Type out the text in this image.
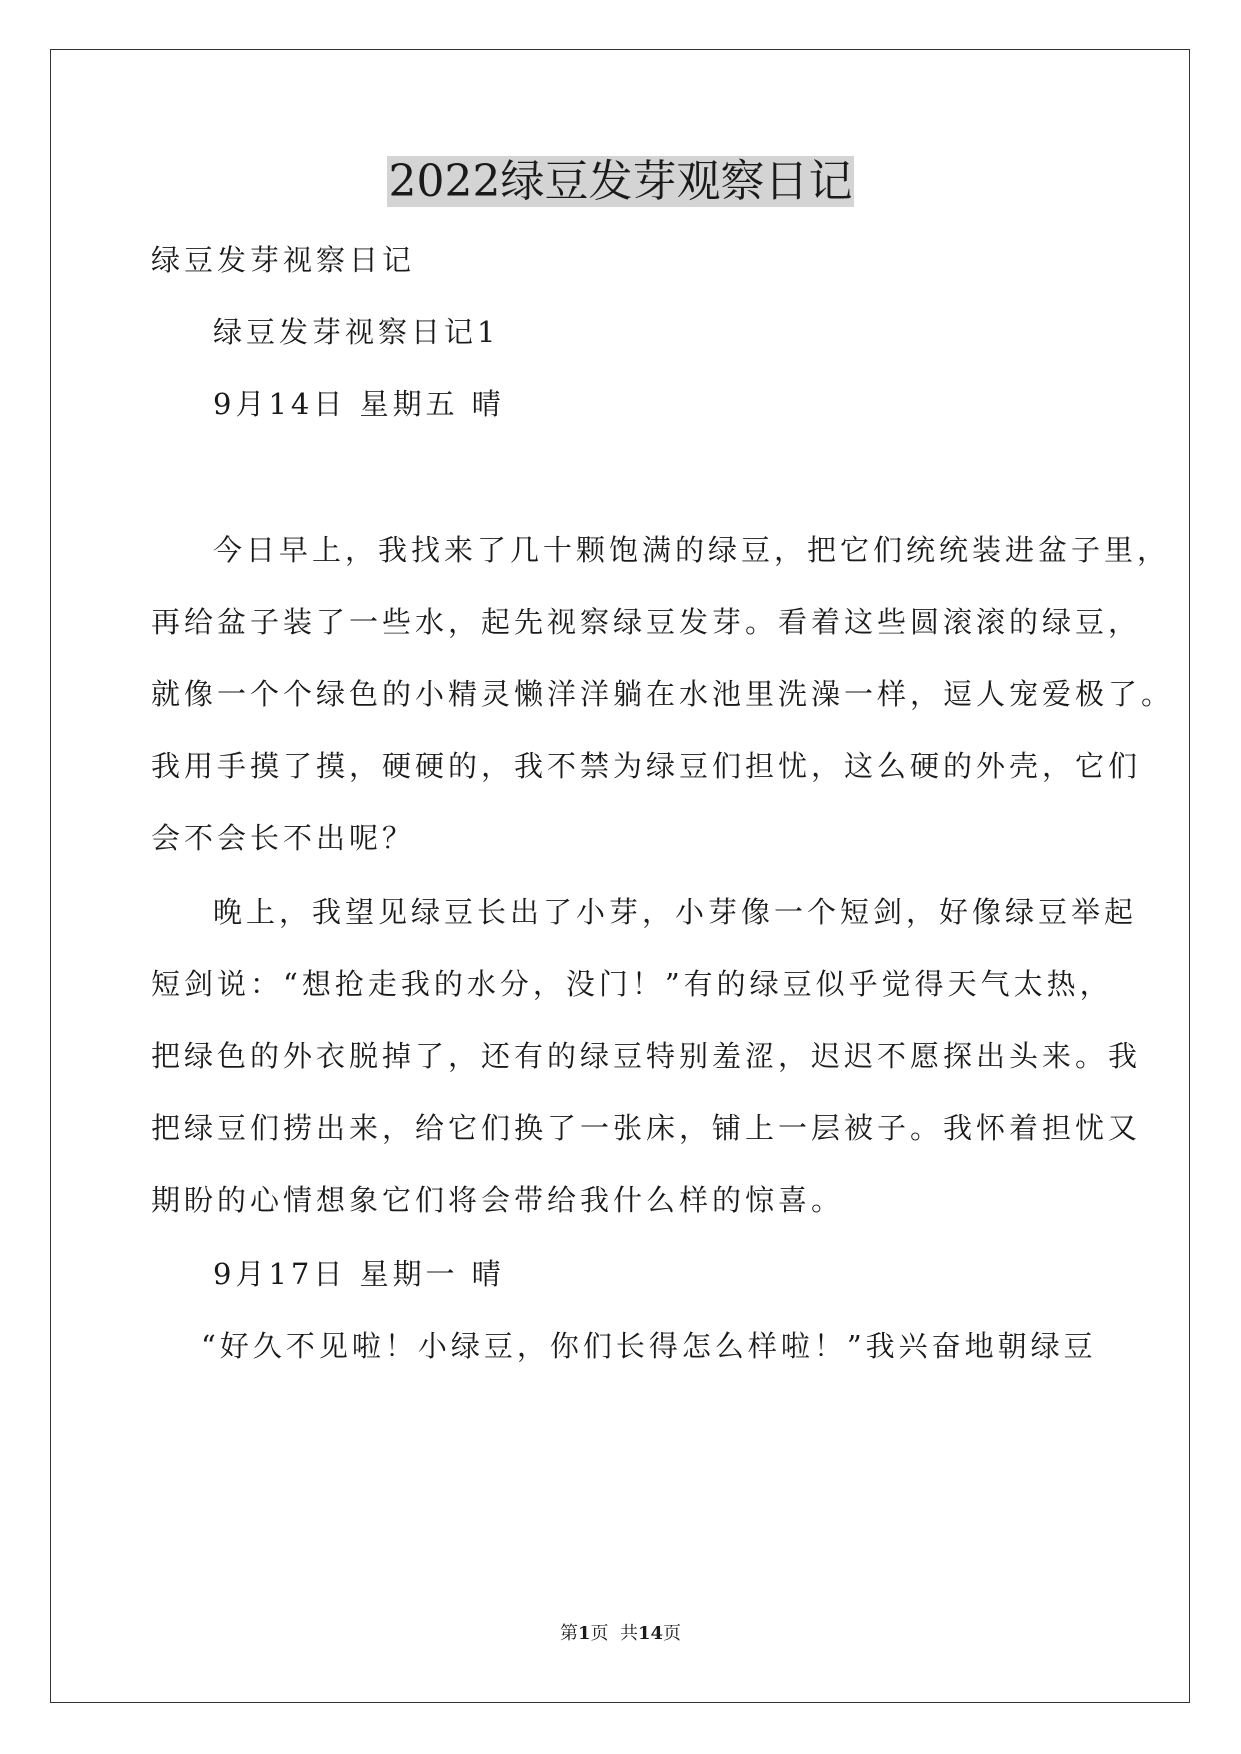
2022绿豆发芽观察日记
绿豆发芽视察日记
绿豆发芽视察日记1
9月14日 星期五 晴
今日早上，我找来了几十颗饱满的绿豆，把它们统统装进盆子里，
再给盆子装了一些水，起先视察绿豆发芽。看着这些圆滚滚的绿豆，
就像一个个绿色的小精灵懒洋洋躺在水池里洗澡一样，逗人宠爱极了。
我用手摸了摸，硬硬的，我不禁为绿豆们担忧，这么硬的外壳，它们
会不会长不出呢？
晚上，我望见绿豆长出了小芽，小芽像一个短剑，好像绿豆举起
短剑说：“想抢走我的水分，没门！”有的绿豆似乎觉得天气太热，
把绿色的外衣脱掉了，还有的绿豆特别羞涩，迟迟不愿探出头来。我
把绿豆们捞出来，给它们换了一张床，铺上一层被子。我怀着担忧又
期盼的心情想象它们将会带给我什么样的惊喜。
9月17日 星期一 晴
“好久不见啦！小绿豆，你们长得怎么样啦！”我兴奋地朝绿豆
第1页  共14页
